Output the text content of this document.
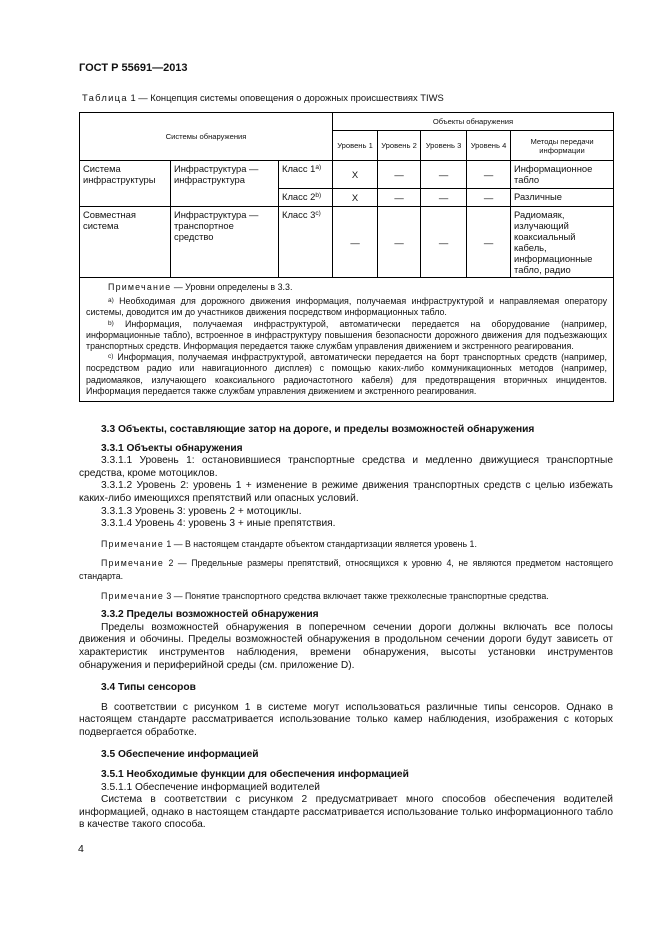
ГОСТ Р 55691—2013
Таблица 1 — Концепция системы оповещения о дорожных происшествиях TIWS
Системы обнаружения			Объекты обнаружения				
			Уровень 1	Уровень 2	Уровень 3	Уровень 4	Методы передачи информации
Система инфраструктуры	Инфраструктура — инфраструктура	Класс 1$^{a)}$	X	—	—	—	Информационное табло
		Класс 2$^{b)}$	X	—	—	—	Различные
Совместная система	Инфраструктура — транспортное средство	Класс 3$^{c)}$	—	—	—	—	Радиомаяк, излучающий коаксиальный кабель, информационные табло, радио

Примечание — Уровни определены в 3.3.

$^{a)}$ Необходимая для дорожного движения информация, получаемая инфраструктурой и направляемая оператору системы, доводится им до участников движения посредством информационных табло.

$^{b)}$ Информация, получаемая инфраструктурой, автоматически передается на оборудование (например, информационные табло), встроенное в инфраструктуру повышения безопасности дорожного движения для подъезжающих транспортных средств. Информация передается также службам управления движением и экстренного реагирования.

$^{c)}$ Информация, получаемая инфраструктурой, автоматически передается на борт транспортных средств (например, посредством радио или навигационного дисплея) с помощью каких-либо коммуникационных методов (например, радиомаяков, излучающего коаксиального радиочастотного кабеля) для предотвращения вторичных инцидентов. Информация передается также службам управления движением и экстренного реагирования.							

3.3 Объекты, составляющие затор на дороге, и пределы возможностей обнаружения

3.3.1 Объекты обнаружения

3.3.1.1 Уровень 1: остановившиеся транспортные средства и медленно движущиеся транспортные средства, кроме мотоциклов.

3.3.1.2 Уровень 2: уровень 1 + изменение в режиме движения транспортных средств с целью избежать каких-либо имеющихся препятствий или опасных условий.

3.3.1.3 Уровень 3: уровень 2 + мотоциклы.

3.3.1.4 Уровень 4: уровень 3 + иные препятствия.

Примечание 1 — В настоящем стандарте объектом стандартизации является уровень 1.

Примечание 2 — Предельные размеры препятствий, относящихся к уровню 4, не являются предметом настоящего стандарта.

Примечание 3 — Понятие транспортного средства включает также трехколесные транспортные средства.

3.3.2 Пределы возможностей обнаружения

Пределы возможностей обнаружения в поперечном сечении дороги должны включать все полосы движения и обочины. Пределы возможностей обнаружения в продольном сечении дороги будут зависеть от характеристик инструментов наблюдения, времени обнаружения, высоты установки инструментов обнаружения и периферийной среды (см. приложение D).

3.4 Типы сенсоров

В соответствии с рисунком 1 в системе могут использоваться различные типы сенсоров. Однако в настоящем стандарте рассматривается использование только камер наблюдения, изображения с которых подвергается обработке.

3.5 Обеспечение информацией

3.5.1 Необходимые функции для обеспечения информацией

3.5.1.1 Обеспечение информацией водителей

Система в соответствии с рисунком 2 предусматривает много способов обеспечения водителей информацией, однако в настоящем стандарте рассматривается использование только информационного табло в качестве такого способа.

4
